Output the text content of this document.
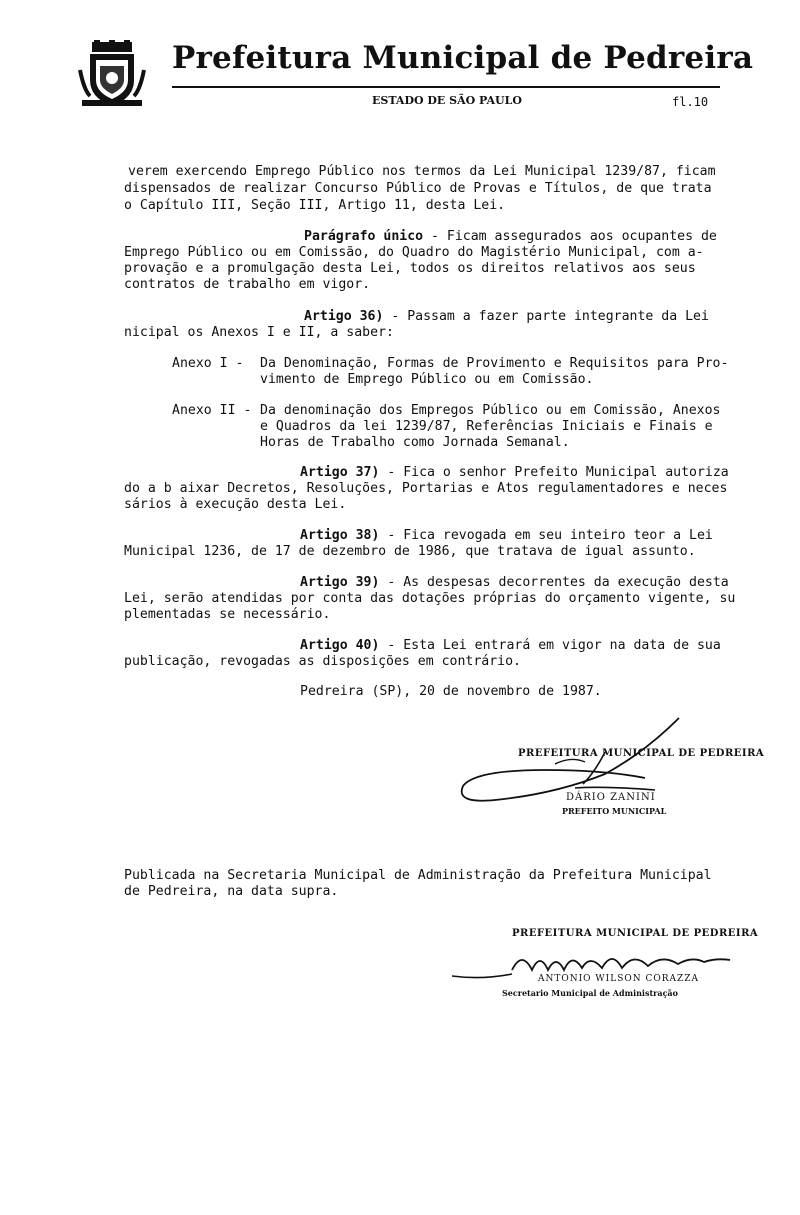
Prefeitura Municipal de Pedreira
ESTADO DE SÃO PAULO	fl.10
verem exercendo Emprego Público nos termos da Lei Municipal 1239/87, ficam
dispensados de realizar Concurso Público de Provas e Títulos, de que trata
o Capítulo III, Seção III, Artigo 11, desta Lei.
Parágrafo único - Ficam assegurados aos ocupantes de
Emprego Público ou em Comissão, do Quadro do Magistério Municipal, com a-
provação e a promulgação desta Lei, todos os direitos relativos aos seus
contratos de trabalho em vigor.
Artigo 36) - Passam a fazer parte integrante da Lei
nicipal os Anexos I e II, a saber:
Anexo I - Da Denominação, Formas de Provimento e Requisitos para Pro-
vimento de Emprego Público ou em Comissão.
Anexo II - Da denominação dos Empregos Público ou em Comissão, Anexos
e Quadros da lei 1239/87, Referências Iniciais e Finais e
Horas de Trabalho como Jornada Semanal.
Artigo 37) - Fica o senhor Prefeito Municipal autoriza
do a b aixar Decretos, Resoluções, Portarias e Atos regulamentadores e neces
sários à execução desta Lei.
Artigo 38) - Fica revogada em seu inteiro teor a Lei
Municipal 1236, de 17 de dezembro de 1986, que tratava de igual assunto.
Artigo 39) - As despesas decorrentes da execução desta
Lei, serão atendidas por conta das dotações próprias do orçamento vigente, su
plementadas se necessário.
Artigo 40) - Esta Lei entrará em vigor na data de sua
publicação, revogadas as disposições em contrário.
Pedreira (SP), 20 de novembro de 1987.
PREFEITURA MUNICIPAL DE PEDREIRA
DÁRIO ZANINI
PREFEITO MUNICIPAL
Publicada na Secretaria Municipal de Administração da Prefeitura Municipal
de Pedreira, na data supra.
PREFEITURA MUNICIPAL DE PEDREIRA
ANTONIO WILSON CORAZZA
Secretario Municipal de Administração
